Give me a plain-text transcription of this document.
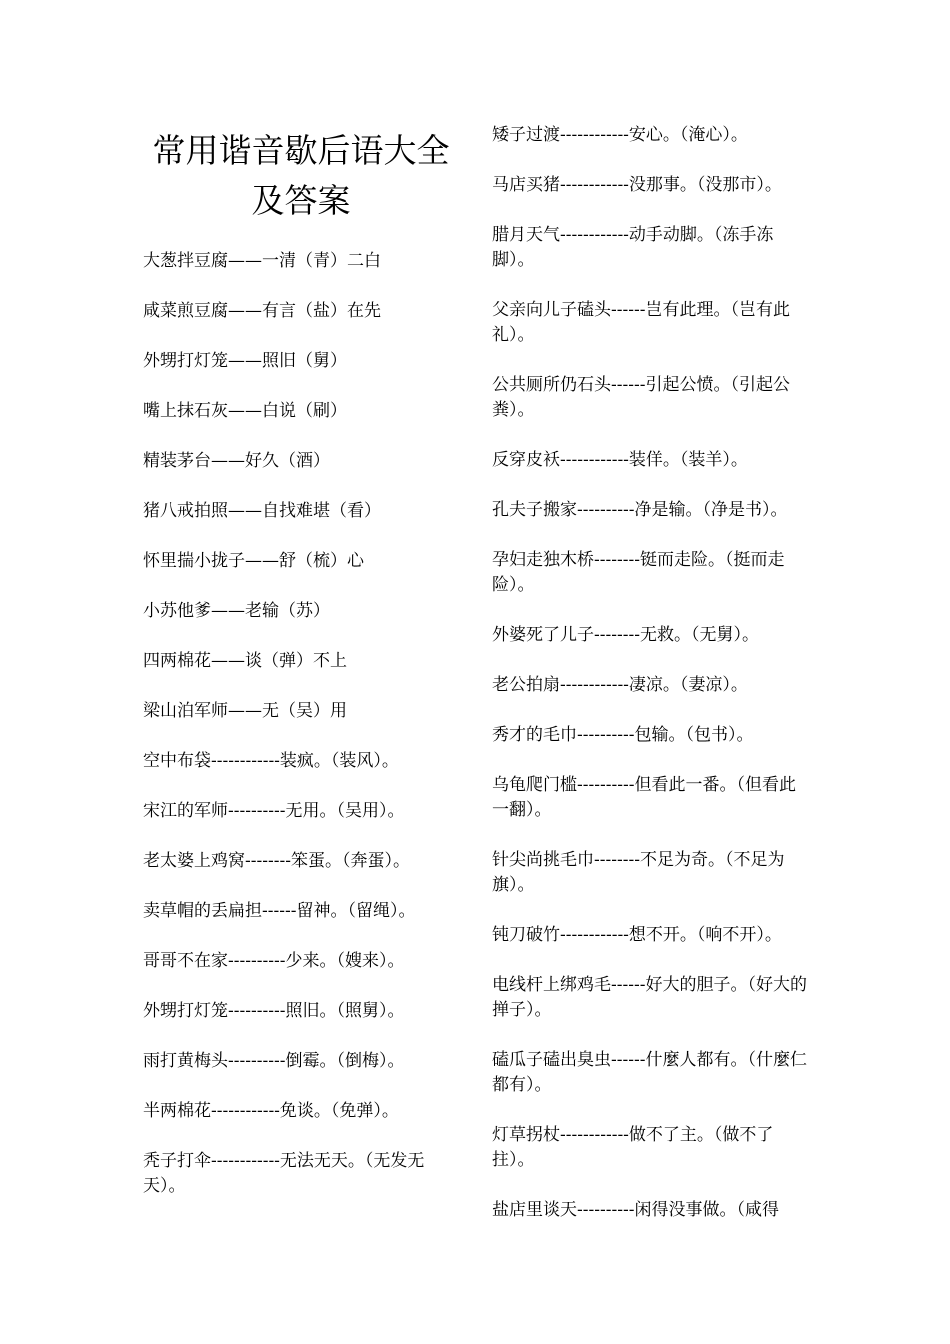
常用谐音歇后语大全
及答案

大葱拌豆腐——一清（青）二白

咸菜煎豆腐——有言（盐）在先

外甥打灯笼——照旧（舅）

嘴上抹石灰——白说（刷）

精装茅台——好久（酒）

猪八戒拍照——自找难堪（看）

怀里揣小拢子——舒（梳）心

小苏他爹——老输（苏）

四两棉花——谈（弹）不上

梁山泊军师——无（吴）用

空中布袋------------装疯。（装风）。

宋江的军师----------无用。（吴用）。

老太婆上鸡窝--------笨蛋。（奔蛋）。

卖草帽的丢扁担------留神。（留绳）。

哥哥不在家----------少来。（嫂来）。

外甥打灯笼----------照旧。（照舅）。

雨打黄梅头----------倒霉。（倒梅）。

半两棉花------------免谈。（免弹）。

秃子打伞------------无法无天。（无发无天）。

矮子过渡------------安心。（淹心）。

马店买猪------------没那事。（没那市）。

腊月天气------------动手动脚。（冻手冻脚）。

父亲向儿子磕头------岂有此理。（岂有此礼）。

公共厕所仍石头------引起公愤。（引起公粪）。

反穿皮袄------------装佯。（装羊）。

孔夫子搬家----------净是输。（净是书）。

孕妇走独木桥--------铤而走险。（挺而走险）。

外婆死了儿子--------无救。（无舅）。

老公拍扇------------凄凉。（妻凉）。

秀才的毛巾----------包输。（包书）。

乌龟爬门槛----------但看此一番。（但看此一翻）。

针尖尚挑毛巾--------不足为奇。（不足为旗）。

钝刀破竹------------想不开。（响不开）。

电线杆上绑鸡毛------好大的胆子。（好大的掸子）。

磕瓜子磕出臭虫------什麼人都有。（什麼仁都有）。

灯草拐杖------------做不了主。（做不了拄）。

盐店里谈天----------闲得没事做。（咸得
